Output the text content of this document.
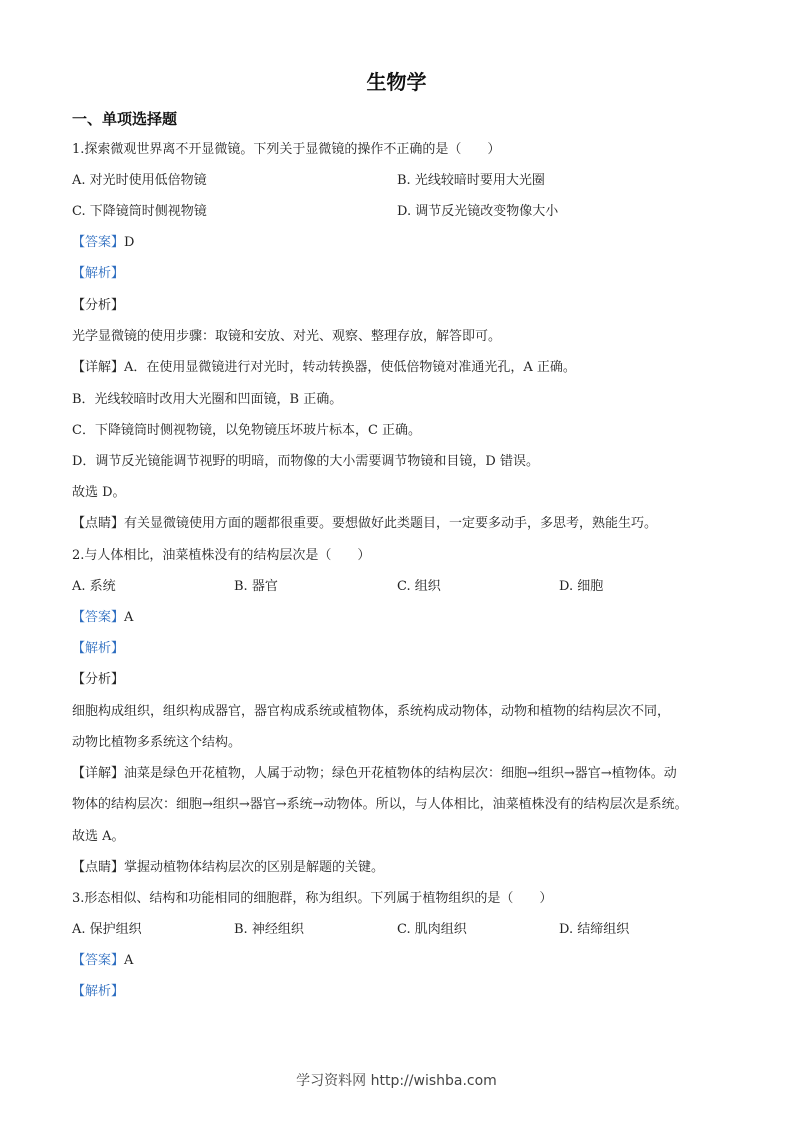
生物学
一、单项选择题
1.探索微观世界离不开显微镜。下列关于显微镜的操作不正确的是（　　）
A. 对光时使用低倍物镜	B. 光线较暗时要用大光圈
C. 下降镜筒时侧视物镜	D. 调节反光镜改变物像大小
【答案】D
【解析】
【分析】
光学显微镜的使用步骤：取镜和安放、对光、观察、整理存放，解答即可。
【详解】A．在使用显微镜进行对光时，转动转换器，使低倍物镜对准通光孔，A 正确。
B．光线较暗时改用大光圈和凹面镜，B 正确。
C．下降镜筒时侧视物镜，以免物镜压坏玻片标本，C 正确。
D．调节反光镜能调节视野的明暗，而物像的大小需要调节物镜和目镜，D 错误。
故选 D。
【点睛】有关显微镜使用方面的题都很重要。要想做好此类题目，一定要多动手，多思考，熟能生巧。
2.与人体相比，油菜植株没有的结构层次是（　　）
A. 系统	B. 器官	C. 组织	D. 细胞
【答案】A
【解析】
【分析】
细胞构成组织，组织构成器官，器官构成系统或植物体，系统构成动物体，动物和植物的结构层次不同，
动物比植物多系统这个结构。
【详解】油菜是绿色开花植物，人属于动物；绿色开花植物体的结构层次：细胞→组织→器官→植物体。动
物体的结构层次：细胞→组织→器官→系统→动物体。所以，与人体相比，油菜植株没有的结构层次是系统。
故选 A。
【点睛】掌握动植物体结构层次的区别是解题的关键。
3.形态相似、结构和功能相同的细胞群，称为组织。下列属于植物组织的是（　　）
A. 保护组织	B. 神经组织	C. 肌肉组织	D. 结缔组织
【答案】A
【解析】
学习资料网 http://wishba.com
